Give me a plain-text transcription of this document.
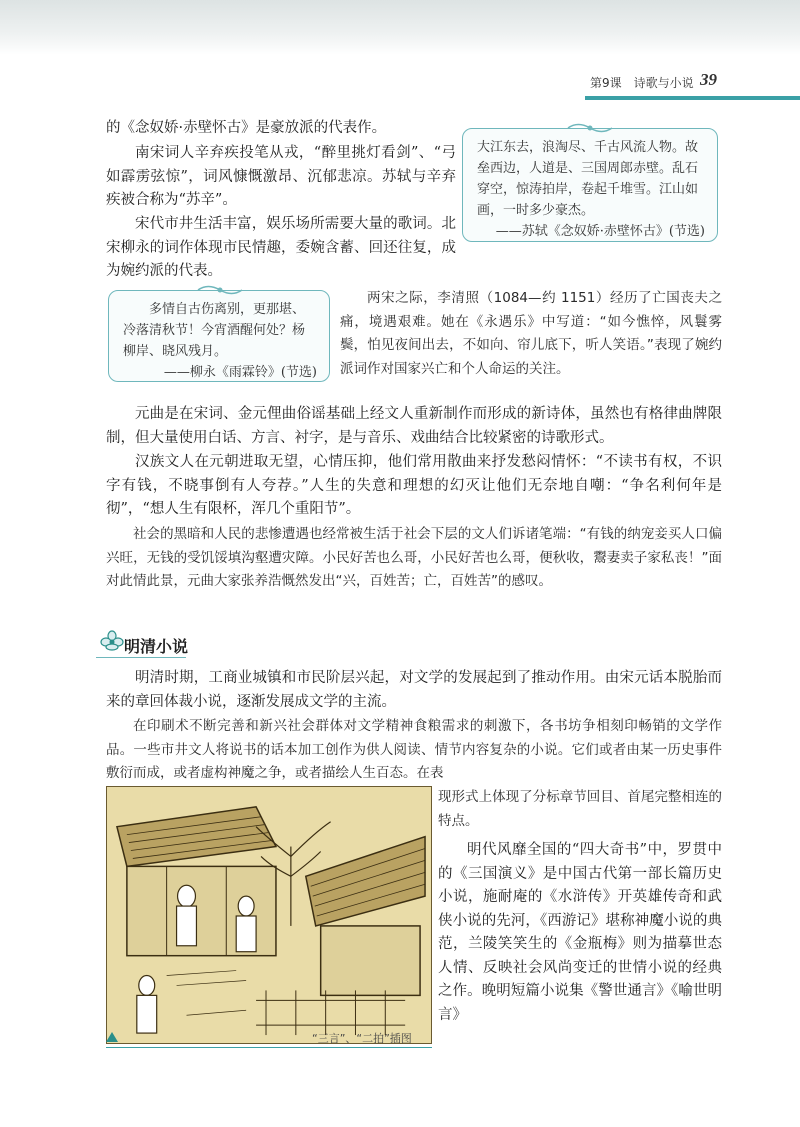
第9课　诗歌与小说 39
大江东去，浪淘尽、千古风流人物。故垒西边，人道是、三国周郎赤壁。乱石穿空，惊涛拍岸，卷起千堆雪。江山如画，一时多少豪杰。
——苏轼《念奴娇·赤壁怀古》(节选)

的《念奴娇·赤壁怀古》是豪放派的代表作。

南宋词人辛弃疾投笔从戎，“醉里挑灯看剑”、“弓如霹雳弦惊”，词风慷慨激昂、沉郁悲凉。苏轼与辛弃疾被合称为“苏辛”。

宋代市井生活丰富，娱乐场所需要大量的歌词。北宋柳永的词作体现市民情趣，委婉含蓄、回还往复，成为婉约派的代表。

多情自古伤离别，更那堪、冷落清秋节！今宵酒醒何处？杨柳岸、晓风残月。
——柳永《雨霖铃》(节选)

两宋之际，李清照（1084—约 1151）经历了亡国丧夫之痛，境遇艰难。她在《永遇乐》中写道：“如今憔悴，风鬟雾鬓，怕见夜间出去，不如向、帘儿底下，听人笑语。”表现了婉约派词作对国家兴亡和个人命运的关注。

元曲是在宋词、金元俚曲俗谣基础上经文人重新制作而形成的新诗体，虽然也有格律曲牌限制，但大量使用白话、方言、衬字，是与音乐、戏曲结合比较紧密的诗歌形式。

汉族文人在元朝进取无望，心情压抑，他们常用散曲来抒发愁闷情怀：“不读书有权，不识字有钱，不晓事倒有人夸荐。”人生的失意和理想的幻灭让他们无奈地自嘲：“争名利何年是彻”，“想人生有限杯，浑几个重阳节”。

社会的黑暗和人民的悲惨遭遇也经常被生活于社会下层的文人们诉诸笔端：“有钱的纳宠妾买人口偏兴旺，无钱的受饥馁填沟壑遭灾障。小民好苦也么哥，小民好苦也么哥，便秋收，鬻妻卖子家私丧！”面对此情此景，元曲大家张养浩慨然发出“兴，百姓苦；亡，百姓苦”的感叹。

明清小说

明清时期，工商业城镇和市民阶层兴起，对文学的发展起到了推动作用。由宋元话本脱胎而来的章回体裁小说，逐渐发展成文学的主流。

在印刷术不断完善和新兴社会群体对文学精神食粮需求的刺激下，各书坊争相刻印畅销的文学作品。一些市井文人将说书的话本加工创作为供人阅读、情节内容复杂的小说。它们或者由某一历史事件敷衍而成，或者虚构神魔之争，或者描绘人生百态。在表

“三言”、“二拍”插图

明代风靡全国的“四大奇书”中，罗贯中的《三国演义》是中国古代第一部长篇历史小说，施耐庵的《水浒传》开英雄传奇和武侠小说的先河，《西游记》堪称神魔小说的典范，兰陵笑笑生的《金瓶梅》则为描摹世态人情、反映社会风尚变迁的世情小说的经典之作。晚明短篇小说集《警世通言》《喻世明言》

现形式上体现了分标章节回目、首尾完整相连的特点。
